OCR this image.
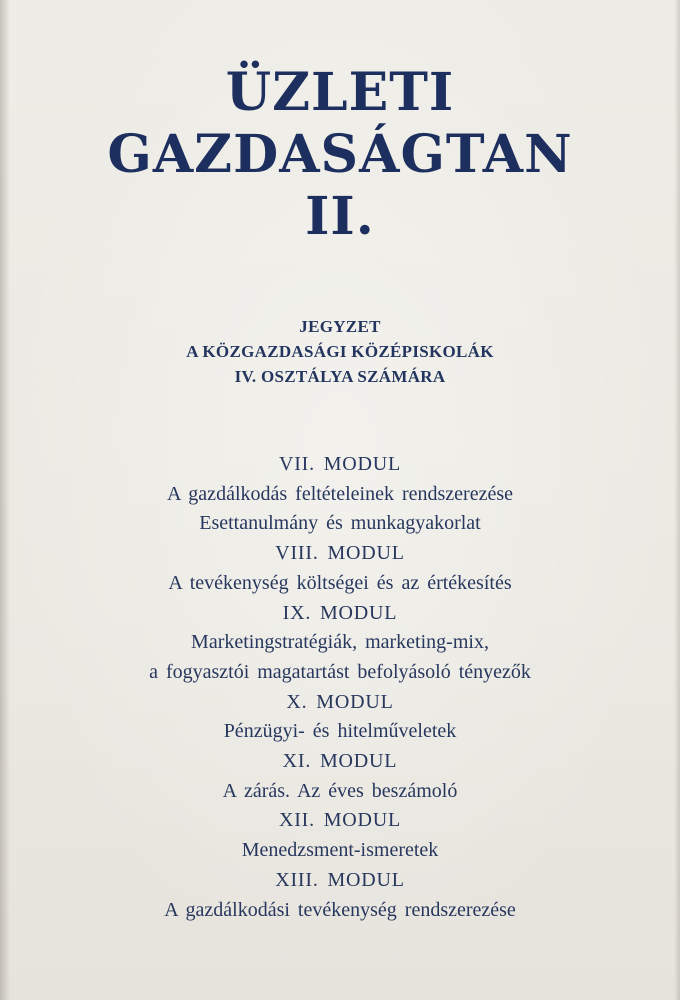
ÜZLETI
GAZDASÁGTAN
II.
JEGYZET
A KÖZGAZDASÁGI KÖZÉPISKOLÁK
IV. OSZTÁLYA SZÁMÁRA
VII. MODUL
A gazdálkodás feltételeinek rendszerezése
Esettanulmány és munkagyakorlat
VIII. MODUL
A tevékenység költségei és az értékesítés
IX. MODUL
Marketingstratégiák, marketing-mix,
a fogyasztói magatartást befolyásoló tényezők
X. MODUL
Pénzügyi- és hitelműveletek
XI. MODUL
A zárás. Az éves beszámoló
XII. MODUL
Menedzsment-ismeretek
XIII. MODUL
A gazdálkodási tevékenység rendszerezése
